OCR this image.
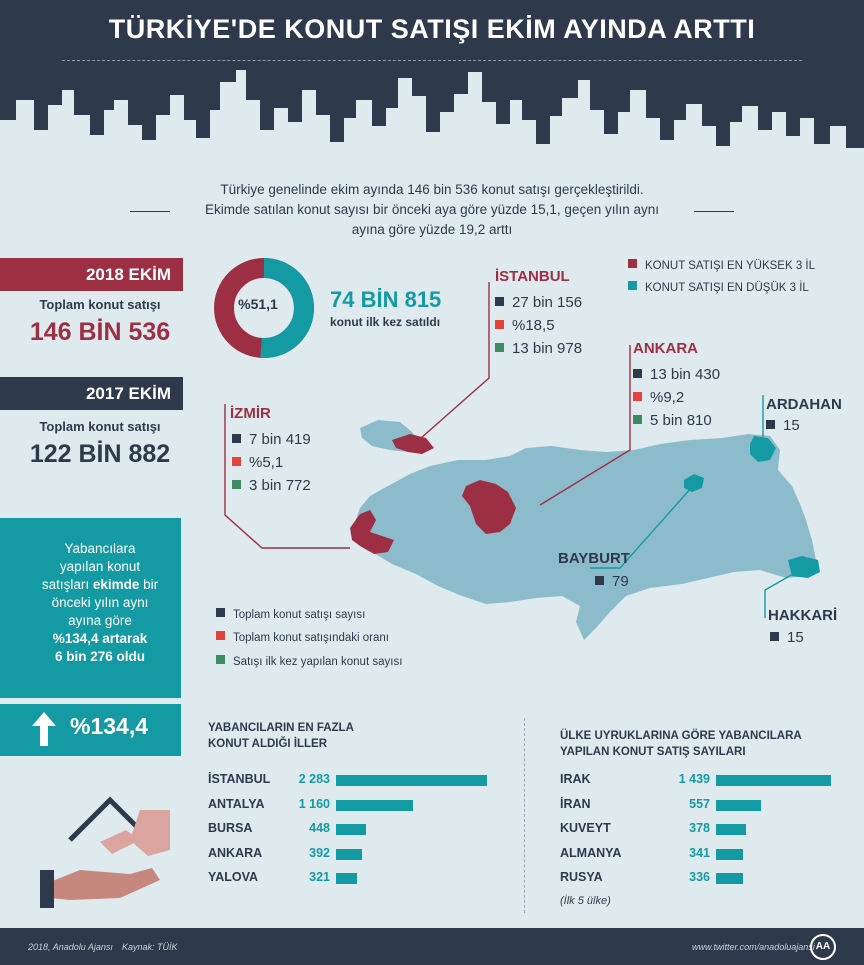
TÜRKİYE'DE KONUT SATIŞI EKİM AYINDA ARTTI
Türkiye genelinde ekim ayında 146 bin 536 konut satışı gerçekleştirildi.
Ekimde satılan konut sayısı bir önceki aya göre yüzde 15,1, geçen yılın aynı
ayına göre yüzde 19,2 arttı
2018 EKİM
Toplam konut satışı
146 BİN 536
2017 EKİM
Toplam konut satışı
122 BİN 882
%51,1	74 BİN 815
konut ilk kez satıldı
KONUT SATIŞI EN YÜKSEK 3 İL
KONUT SATIŞI EN DÜŞÜK 3 İL
İSTANBUL
27 bin 156
%18,5
13 bin 978	ANKARA
13 bin 430
%9,2
5 bin 810
İZMİR
7 bin 419
%5,1
3 bin 772
ARDAHAN
15
BAYBURT
79
HAKKARİ
15
Toplam konut satışı sayısı
Toplam konut satışındaki oranı
Satışı ilk kez yapılan konut sayısı
Yabancılara
yapılan konut
satışları ekimde bir
önceki yılın aynı
ayına göre
%134,4 artarak
6 bin 276 oldu
%134,4	YABANCILARIN EN FAZLA
KONUT ALDIĞI İLLER
İSTANBUL	2 283
ANTALYA	1 160
BURSA	448
ANKARA	392
YALOVA	321
ÜLKE UYRUKLARINA GÖRE YABANCILARA
YAPILAN KONUT SATIŞ SAYILARI
IRAK	1 439
İRAN	557
KUVEYT	378
ALMANYA	341
RUSYA	336
(İlk 5 ülke)
2018, Anadolu Ajansı Kaynak: TÜİK	www.twitter.com/anadoluajansi AA
